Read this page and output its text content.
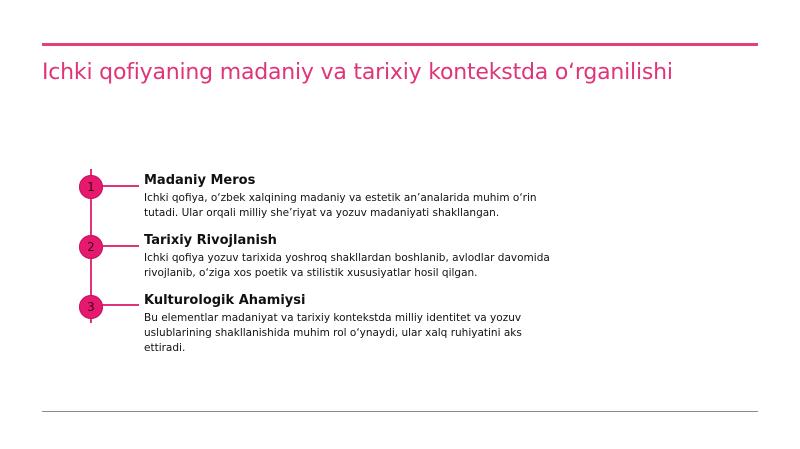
Ichki qofiyaning madaniy va tarixiy kontekstda o‘rganilishi
1	Madaniy Meros

Ichki qofiya, o‘zbek xalqining madaniy va estetik an’analarida muhim o‘rin tutadi. Ular orqali milliy she’riyat va yozuv madaniyati shakllangan.

2	Tarixiy Rivojlanish

Ichki qofiya yozuv tarixida yoshroq shakllardan boshlanib, avlodlar davomida rivojlanib, o‘ziga xos poetik va stilistik xususiyatlar hosil qilgan.

3	Kulturologik Ahamiysi

Bu elementlar madaniyat va tarixiy kontekstda milliy identitet va yozuv uslublarining shakllanishida muhim rol o‘ynaydi, ular xalq ruhiyatini aks ettiradi.
